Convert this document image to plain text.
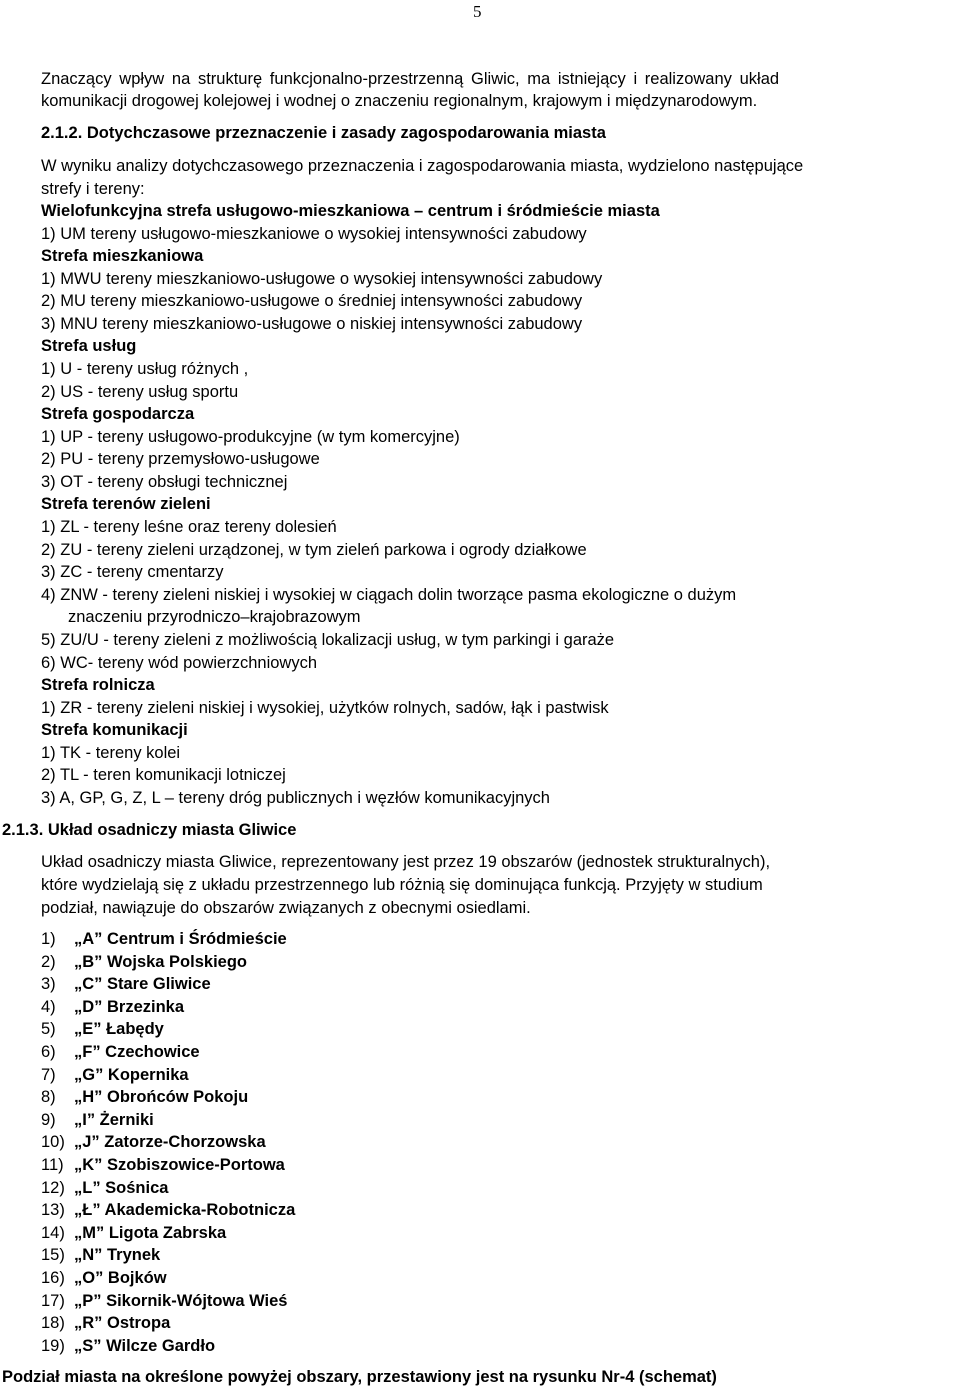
5
Znaczący wpływ na strukturę funkcjonalno-przestrzenną Gliwic, ma istniejący i realizowany układ
komunikacji drogowej kolejowej i wodnej o znaczeniu regionalnym, krajowym i międzynarodowym.
2.1.2. Dotychczasowe przeznaczenie i zasady zagospodarowania miasta
W wyniku analizy dotychczasowego przeznaczenia i zagospodarowania miasta, wydzielono następujące
strefy i tereny:
Wielofunkcyjna strefa usługowo-mieszkaniowa – centrum i śródmieście miasta
1) UM tereny usługowo-mieszkaniowe o wysokiej intensywności zabudowy
Strefa mieszkaniowa
1) MWU tereny mieszkaniowo-usługowe o wysokiej intensywności zabudowy
2) MU tereny mieszkaniowo-usługowe o średniej intensywności zabudowy
3) MNU tereny mieszkaniowo-usługowe o niskiej intensywności zabudowy
Strefa usług
1) U - tereny usług różnych ,
2) US - tereny usług sportu
Strefa gospodarcza
1) UP - tereny usługowo-produkcyjne (w tym komercyjne)
2) PU - tereny przemysłowo-usługowe
3) OT - tereny obsługi technicznej
Strefa terenów zieleni
1) ZL - tereny leśne oraz tereny dolesień
2) ZU - tereny zieleni urządzonej, w tym zieleń parkowa i ogrody działkowe
3) ZC - tereny cmentarzy
4) ZNW - tereny zieleni niskiej i wysokiej w ciągach dolin tworzące pasma ekologiczne o dużym
znaczeniu przyrodniczo–krajobrazowym
5) ZU/U - tereny zieleni z możliwością lokalizacji usług, w tym parkingi i garaże
6) WC- tereny wód powierzchniowych
Strefa rolnicza
1) ZR - tereny zieleni niskiej i wysokiej, użytków rolnych, sadów, łąk i pastwisk
Strefa komunikacji
1) TK - tereny kolei
2) TL - teren komunikacji lotniczej
3) A, GP, G, Z, L – tereny dróg publicznych i węzłów komunikacyjnych
2.1.3. Układ osadniczy miasta Gliwice
Układ osadniczy miasta Gliwice, reprezentowany jest przez 19 obszarów (jednostek strukturalnych),
które wydzielają się z układu przestrzennego lub różnią się dominująca funkcją. Przyjęty w studium
podział, nawiązuje do obszarów związanych z obecnymi osiedlami.
1) „A” Centrum i Śródmieście
2) „B” Wojska Polskiego
3) „C” Stare Gliwice
4) „D” Brzezinka
5) „E” Łabędy
6) „F” Czechowice
7) „G” Kopernika
8) „H” Obrońców Pokoju
9) „I” Żerniki
10) „J” Zatorze-Chorzowska
11) „K” Szobiszowice-Portowa
12) „L” Sośnica
13) „Ł” Akademicka-Robotnicza
14) „M” Ligota Zabrska
15) „N” Trynek
16) „O” Bojków
17) „P” Sikornik-Wójtowa Wieś
18) „R” Ostropa
19) „S” Wilcze Gardło
Podział miasta na określone powyżej obszary, przestawiony jest na rysunku Nr-4 (schemat)
